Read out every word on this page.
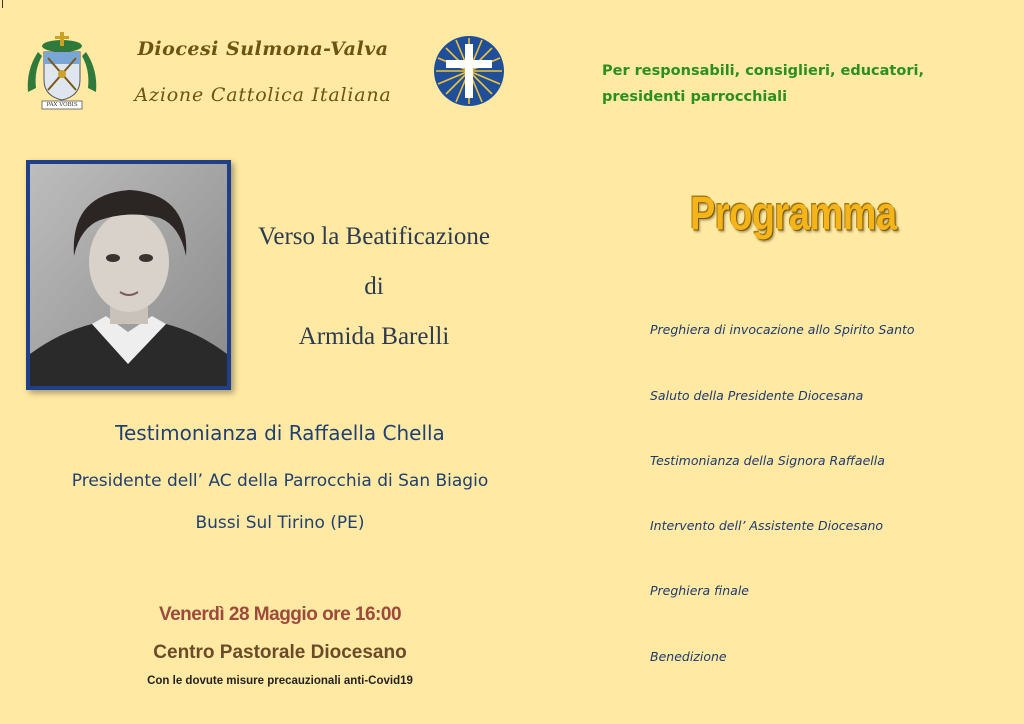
PAX VOBIS
Diocesi Sulmona-Valva
Azione Cattolica Italiana
Per responsabili, consiglieri, educatori, presidenti parrocchiali
Verso la Beatificazione
di
Armida Barelli
Programma
Preghiera di invocazione allo Spirito Santo
Saluto della Presidente Diocesana
Testimonianza della Signora Raffaella
Intervento dell’ Assistente Diocesano
Preghiera finale
Benedizione
Testimonianza di Raffaella Chella
Presidente dell’ AC della Parrocchia di San Biagio
Bussi Sul Tirino (PE)
Venerdì 28 Maggio ore 16:00
Centro Pastorale Diocesano
Con le dovute misure precauzionali anti-Covid19
